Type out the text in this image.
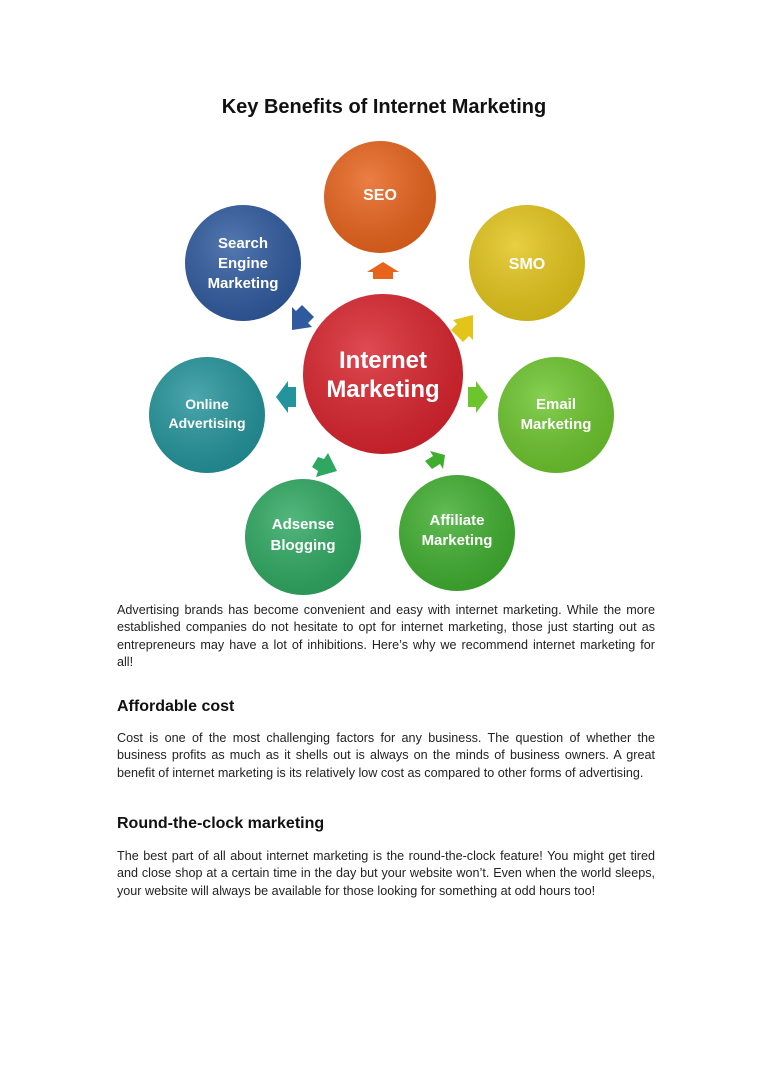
Key Benefits of Internet Marketing
Internet
Marketing
SEO
SMO
Email
Marketing
Affiliate
Marketing
Adsense
Blogging
Online
Advertising
Search
Engine
Marketing

Advertising brands has become convenient and easy with internet marketing. While the more established companies do not hesitate to opt for internet marketing, those just starting out as entrepreneurs may have a lot of inhibitions. Here’s why we recommend internet marketing for all!

Affordable cost

Cost is one of the most challenging factors for any business. The question of whether the business profits as much as it shells out is always on the minds of business owners. A great benefit of internet marketing is its relatively low cost as compared to other forms of advertising.

Round-the-clock marketing

The best part of all about internet marketing is the round-the-clock feature! You might get tired and close shop at a certain time in the day but your website won’t. Even when the world sleeps, your website will always be available for those looking for something at odd hours too!
